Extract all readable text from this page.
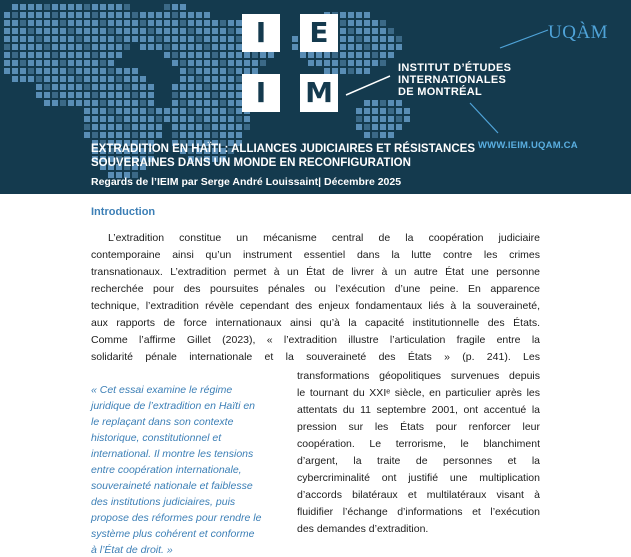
I	E
I	M
INSTITUT D’ÉTUDES
INTERNATIONALES
DE MONTRÉAL
UQÀM
WWW.IEIM.UQAM.CA
EXTRADITION EN HAÏTI : ALLIANCES JUDICIAIRES ET RÉSISTANCES
SOUVERAINES DANS UN MONDE EN RECONFIGURATION
Regards de l’IEIM par Serge André Louissaint| Décembre 2025
Introduction
L’extradition constitue un mécanisme central de la coopération judiciaire
contemporaine ainsi qu’un instrument essentiel dans la lutte contre les crimes
transnationaux. L’extradition permet à un État de livrer à un autre État une personne
recherchée pour des poursuites pénales ou l’exécution d’une peine. En apparence
technique, l’extradition révèle cependant des enjeux fondamentaux liés à la souveraineté,
aux rapports de force internationaux ainsi qu’à la capacité institutionnelle des États.
Comme l’affirme Gillet (2023), « l’extradition illustre l’articulation fragile entre la
solidarité pénale internationale et la souveraineté des États » (p. 241). Les
« Cet essai examine le régime
juridique de l’extradition en Haïti en
le replaçant dans son contexte
historique, constitutionnel et
international. Il montre les tensions
entre coopération internationale,
souveraineté nationale et faiblesse
des institutions judiciaires, puis
propose des réformes pour rendre le
système plus cohérent et conforme
à l’État de droit. »
transformations géopolitiques survenues depuis
le tournant du XXIᵉ siècle, en particulier après les
attentats du 11 septembre 2001, ont accentué la
pression sur les États pour renforcer leur
coopération. Le terrorisme, le blanchiment
d’argent, la traite de personnes et la
cybercriminalité ont justifié une multiplication
d’accords bilatéraux et multilatéraux visant à
fluidifier l’échange d’informations et l’exécution
des demandes d’extradition.
